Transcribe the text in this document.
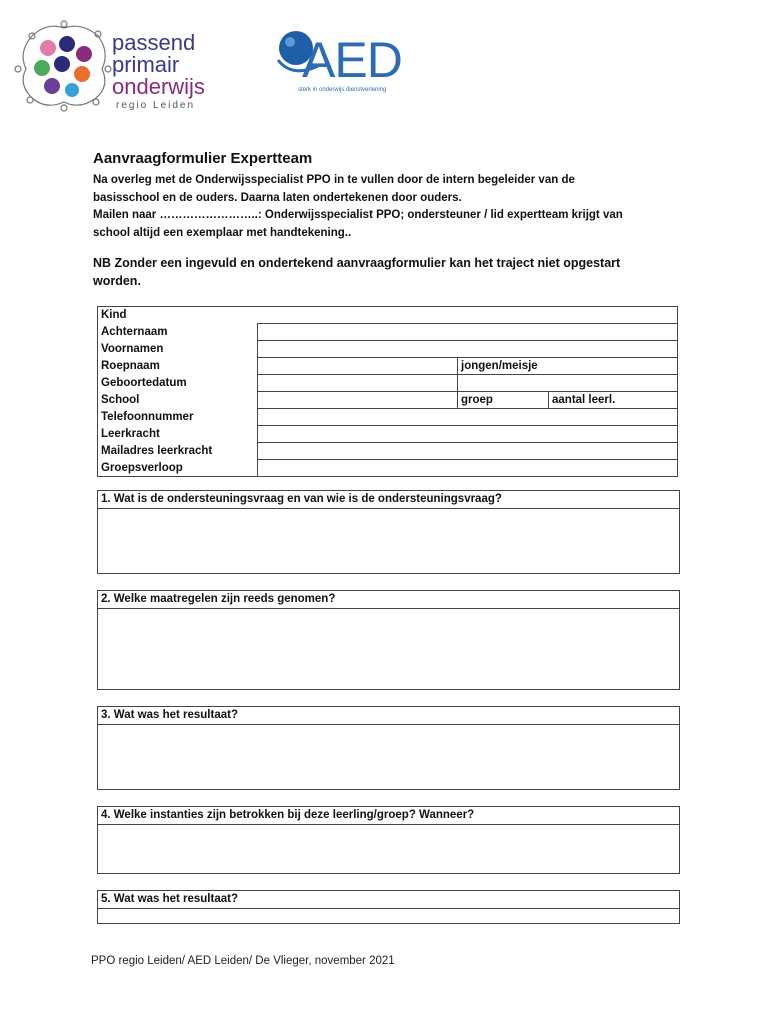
passend
primair
onderwijs
regio Leiden
AED
sterk in onderwijs dienstverlening
Aanvraagformulier Expertteam
Na overleg met de Onderwijsspecialist PPO in te vullen door de intern begeleider van de
basisschool en de ouders. Daarna laten ondertekenen door ouders.
Mailen naar ……………………..: Onderwijsspecialist PPO; ondersteuner / lid expertteam krijgt van
school altijd een exemplaar met handtekening..
NB Zonder een ingevuld en ondertekend aanvraagformulier kan het traject niet opgestart
worden.
Kind			
Achternaam			
Voornamen			
Roepnaam		jongen/meisje	
Geboortedatum			
School		groep	aantal leerl.
Telefoonnummer			
Leerkracht			
Mailadres leerkracht			
Groepsverloop			
1. Wat is de ondersteuningsvraag en van wie is de ondersteuningsvraag?
2. Welke maatregelen zijn reeds genomen?
3. Wat was het resultaat?
4. Welke instanties zijn betrokken bij deze leerling/groep? Wanneer?
5. Wat was het resultaat?
PPO regio Leiden/ AED Leiden/ De Vlieger, november 2021
